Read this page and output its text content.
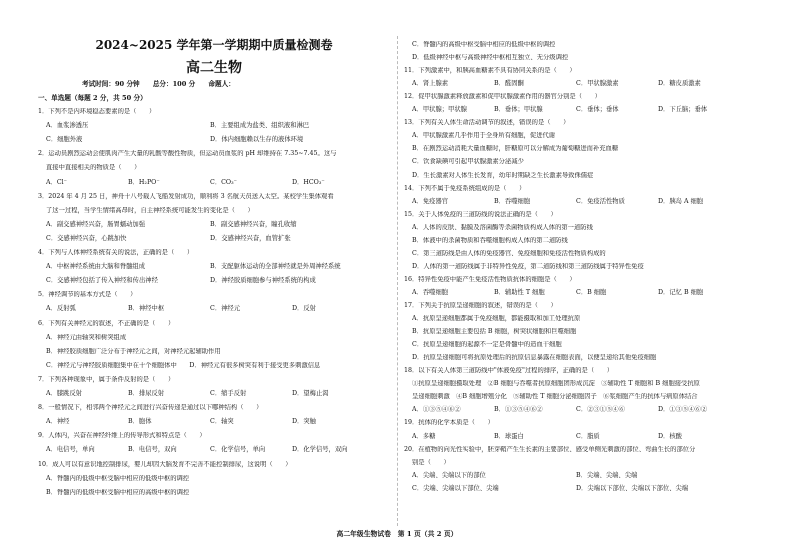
2024~2025 学年第一学期期中质量检测卷
高二生物
考试时间：90 分钟　　总分：100 分　　命题人：
一、单选题（每题 2 分，共 50 分）
1．下列不是内环境稳态要素的是（　　）
A．血浆渗透压	B．主要组成为盐类、组织液和淋巴
C．细胞外液	D．体内细胞赖以生存的液体环境
2．运动员剧烈运动会使肌肉产生大量的乳酸等酸性物质，但运动员血浆的 pH 却维持在 7.35~7.45。这与
直接中直接相关的物质是（　　）
A．Cl⁻	B．H₂PO⁻	C．CO₃⁻	D．HCO₃⁻
3．2024 年 4 月 25 日，神舟十八号载人飞船发射成功，顺利将 3 名航天员送入太空。某校学生集体观看
了这一过程，当学生情绪高昂时，自主神经系统可能发生的变化是（　　）
A．副交感神经兴奋，肠胃蠕动加强	B．副交感神经兴奋，瞳孔收缩
C．交感神经兴奋，心跳加快	D．交感神经兴奋，血管扩张
4．下列与人体神经系统有关的说法，正确的是（　　）
A．中枢神经系统由大脑和脊髓组成	B．支配躯体运动的全部神经就是外周神经系统
C．交感神经包括了传入神经和传出神经	D．神经胶质细胞参与神经系统的构成
5．神经调节的基本方式是（　　）
A．反射弧	B．神经中枢	C．神经元	D．反射
6．下列有关神经元的叙述，不正确的是（　　）
A．神经元由轴突和树突组成
B．神经胶质细胞广泛分布于神经元之间，对神经元起辅助作用
C．神经元与神经胶质细胞集中在十个细胞体中　　D．神经元有很多树突有利于接受更多刺激信息
7．下列各种现象中，属于条件反射的是（　　）
A．膝跳反射	B．排尿反射	C．缩手反射	D．望梅止渴
8．一般情况下，相邻两个神经元之间进行兴奋传递是通过以下哪种结构（　　）
A．神经	B．胞体	C．轴突	D．突触
9．人体内，兴奋在神经纤维上的传导形式和特点是（　　）
A．电信号，单向	B．电信号，双向	C．化学信号，单向	D．化学信号，双向
10．成人可以有意识地控制排尿，婴儿却因大脑发育不完善不能控制排尿，这说明（　　）
A．脊髓内的低级中枢受脑中相应的低级中枢的调控
B．脊髓内的低级中枢受脑中相应的高级中枢的调控
C．脊髓内的高级中枢受脑中相应的低级中枢的调控
D．低级神经中枢与高级神经中枢相互独立、无分级调控
11．下列激素中，和胰高血糖素不具有协同关系的是（　　）
A．肾上腺素	B．醛固酮	C．甲状腺激素	D．糖皮质激素
12．促甲状腺激素释放激素和促甲状腺激素作用的器官分别是（　　）
A．甲状腺；甲状腺	B．垂体；甲状腺	C．垂体；垂体	D．下丘脑；垂体
13．下列有关人体生命活动调节的叙述，错误的是（　　）
A．甲状腺激素几乎作用于全身所有细胞，促进代谢
B．在剧烈运动消耗大量血糖时，肝糖原可以分解成为葡萄糖进而补充血糖
C．饮食缺碘可引起甲状腺激素分泌减少
D．生长激素对人体生长发育，幼年时期缺乏生长激素导致侏儒症
14．下列不属于免疫系统组成的是（　　）
A．免疫器官	B．吞噬细胞	C．免疫活性物质	D．胰岛 A 细胞
15．关于人体免疫的三道防线的说法正确的是（　　）
A．人体的皮肤、黏膜及溶菌酶等杀菌物质构成人体的第一道防线
B．体液中的杀菌物质和吞噬细胞构成人体的第二道防线
C．第三道防线是由人体的免疫器官、免疫细胞和免疫活性物质构成的
D．人体的第一道防线属于非特异性免疫，第二道防线和第三道防线属于特异性免疫
16．特异性免疫中能产生免疫活性物质抗体的细胞是（　　）
A．吞噬细胞	B．辅助性 T 细胞	C．B 细胞	D．记忆 B 细胞
17．下列关于抗原呈递细胞的叙述，错误的是（　　）
A．抗原呈递细胞都属于免疫细胞，都能摄取和加工处理抗原
B．抗原呈递细胞主要包括 B 细胞，树突状细胞和巨噬细胞
C．抗原呈递细胞的起源不一定是骨髓中的造血干细胞
D．抗原呈递细胞可将抗原处理后的抗原信息暴露在细胞表面，以便呈递给其他免疫细胞
18．以下有关人体第三道防线中"体液免疫"过程的排序，正确的是（　　）
①抗原呈递细胞摄取处理　②B 细胞与吞噬者抗原细胞团形成沉淀　③辅助性 T 细胞和 B 细胞接受抗原
呈递细胞刺激　④B 细胞增殖分化　⑤辅助性 T 细胞分泌细胞因子　⑥浆细胞产生的抗体与病原体结合
A．①③⑤④⑥②	B．①③⑤④⑥②	C．②③①⑤④⑥	D．①③⑤④⑥②
19．抗体的化学本质是（　　）
A．多糖	B．球蛋白	C．脂质	D．核酸
20．在植物的向光性实验中，胚芽鞘产生生长素的主要部位、感受单侧光刺激的部位、弯曲生长的部位分
别是（　　）
A．尖端、尖端以下的部位	B．尖端、尖端、尖端
C．尖端、尖端以下部位、尖端	D．尖端以下部位、尖端以下部位、尖端
高二年级生物试卷　第 1 页（共 2 页）
